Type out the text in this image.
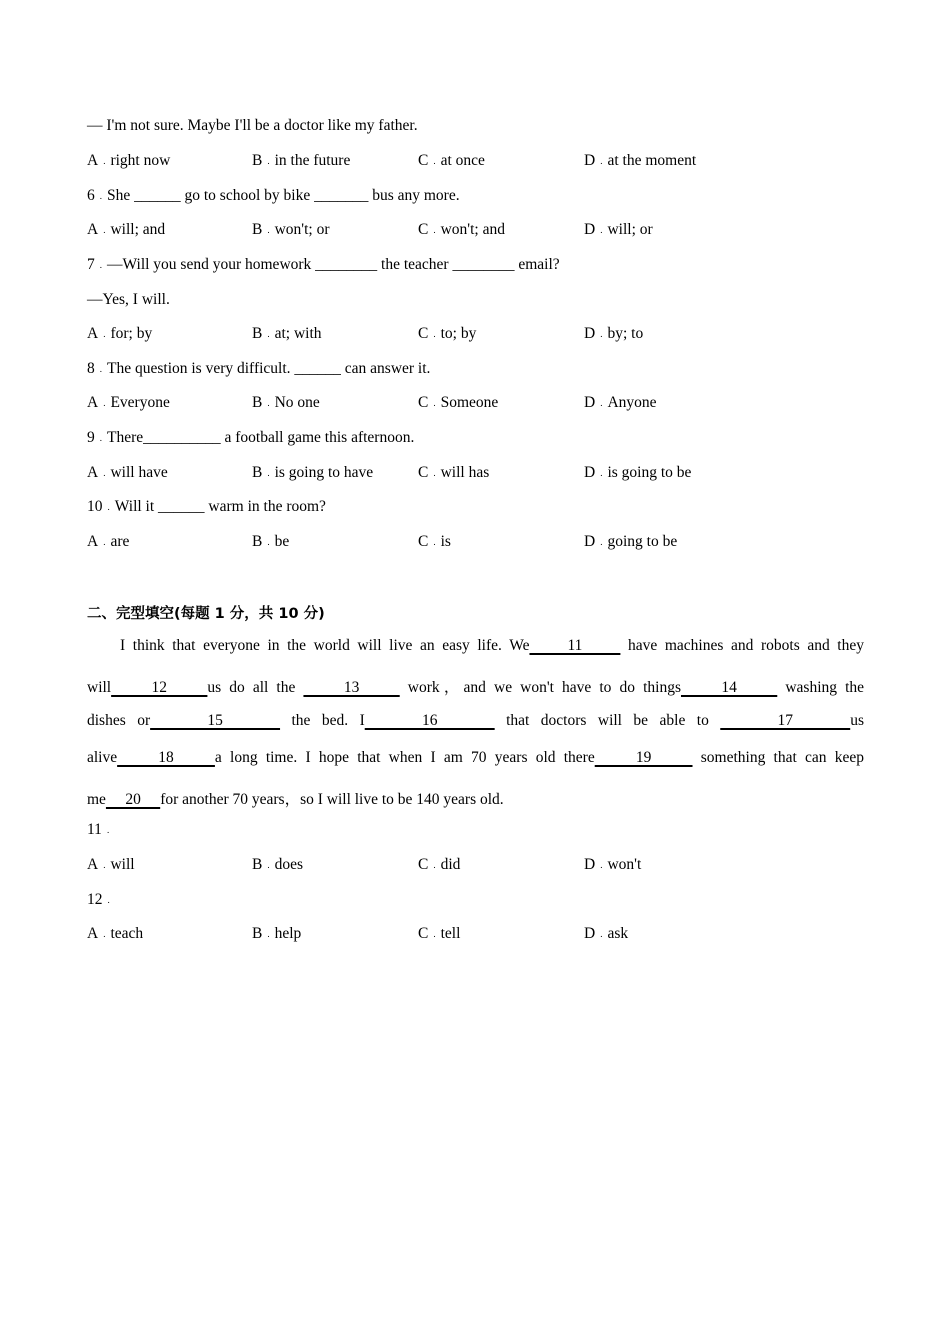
— I'm not sure. Maybe I'll be a doctor like my father.
A . right now	B . in the future	C . at once	D . at the moment
6 . She ______ go to school by bike _______ bus any more.
A . will; and	B . won't; or	C . won't; and	D . will; or
7 . —Will you send your homework ________ the teacher ________ email?
—Yes, I will.
A . for; by	B . at; with	C . to; by	D . by; to
8 . The question is very difficult. ______ can answer it.
A . Everyone	B . No one	C . Someone	D . Anyone
9 . There__________ a football game this afternoon.
A . will have	B . is going to have	C . will has	D . is going to be
10 . Will it ______ warm in the room?
A . are	B . be	C . is	D . going to be
二、完型填空(每题 1 分，共 10 分)
I think that everyone in the world will live an easy life. We     11      have machines and robots and they
will     12     us do all the      13      work，and we won't have to do things     14      washing the
dishes or     15      the bed. I     16      that doctors will be able to      17     us
alive     18     a long time. I hope that when I am 70 years old there     19      something that can keep
me     20     for another 70 years，so I will live to be 140 years old.
11 .
A . will	B . does	C . did	D . won't
12 .
A . teach	B . help	C . tell	D . ask
